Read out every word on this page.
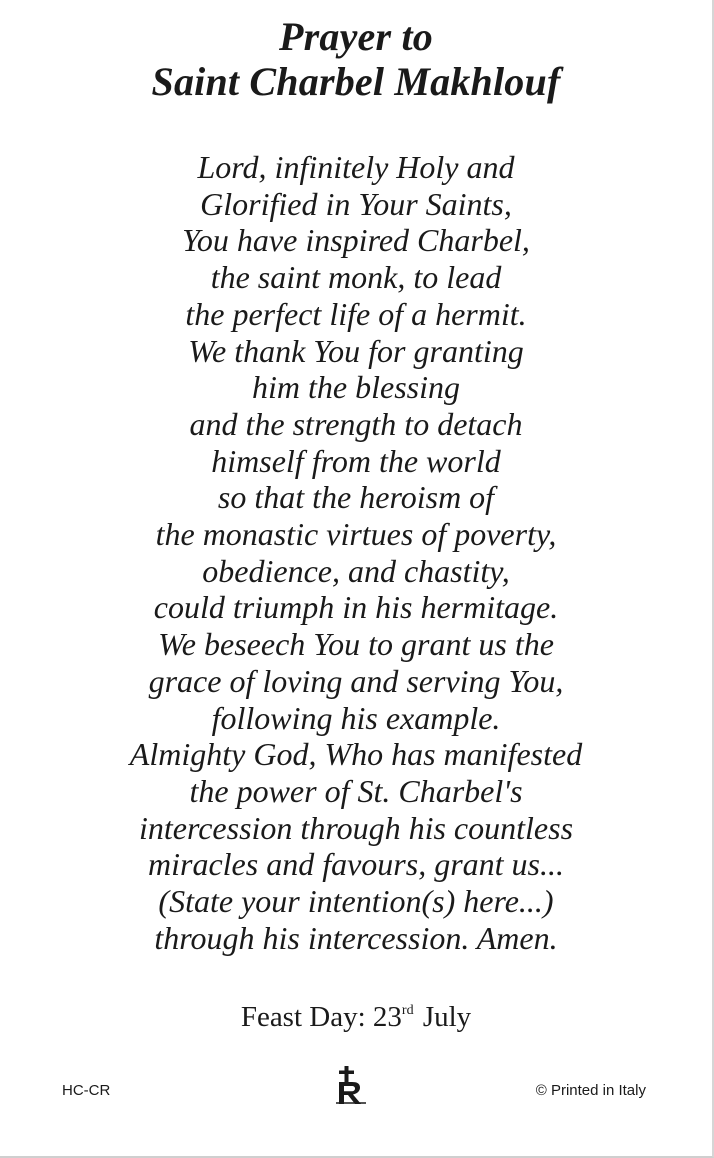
Prayer to
Saint Charbel Makhlouf
Lord, infinitely Holy and
Glorified in Your Saints,
You have inspired Charbel,
the saint monk, to lead
the perfect life of a hermit.
We thank You for granting
him the blessing
and the strength to detach
himself from the world
so that the heroism of
the monastic virtues of poverty,
obedience, and chastity,
could triumph in his hermitage.
We beseech You to grant us the
grace of loving and serving You,
following his example.
Almighty God, Who has manifested
the power of St. Charbel's
intercession through his countless
miracles and favours, grant us...
(State your intention(s) here...)
through his intercession. Amen.
Feast Day: 23rd July
HC-CR	© Printed in Italy
